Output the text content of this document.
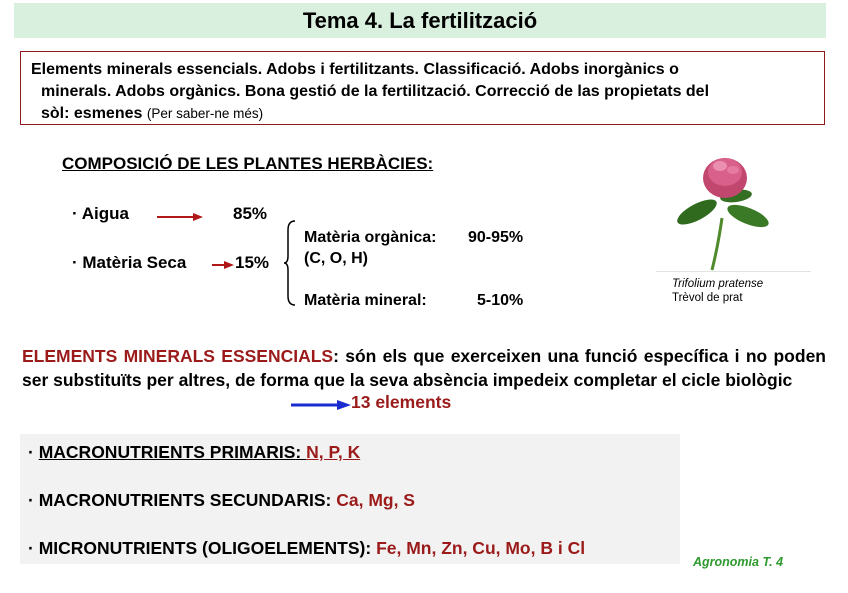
Tema 4. La fertilització
Elements minerals essencials. Adobs i fertilitzants. Classificació. Adobs inorgànics o
minerals. Adobs orgànics. Bona gestió de la fertilització. Correcció de las propietats del
sòl: esmenes (Per saber-ne més)
COMPOSICIÓ DE LES PLANTES HERBÀCIES:
· Aigua	85%
· Matèria Seca	15%
Matèria orgànica: 90-95%
(C, O, H)
Matèria mineral:	5-10%
Trifolium pratense
Trèvol de prat
ELEMENTS MINERALS ESSENCIALS: són els que exerceixen una funció específica i no poden ser substituïts per altres, de forma que la seva absència impedeix completar el cicle biològic
13 elements
· MACRONUTRIENTS PRIMARIS: N, P, K
· MACRONUTRIENTS SECUNDARIS: Ca, Mg, S
· MICRONUTRIENTS (OLIGOELEMENTS): Fe, Mn, Zn, Cu, Mo, B i Cl
Agronomia T. 4
